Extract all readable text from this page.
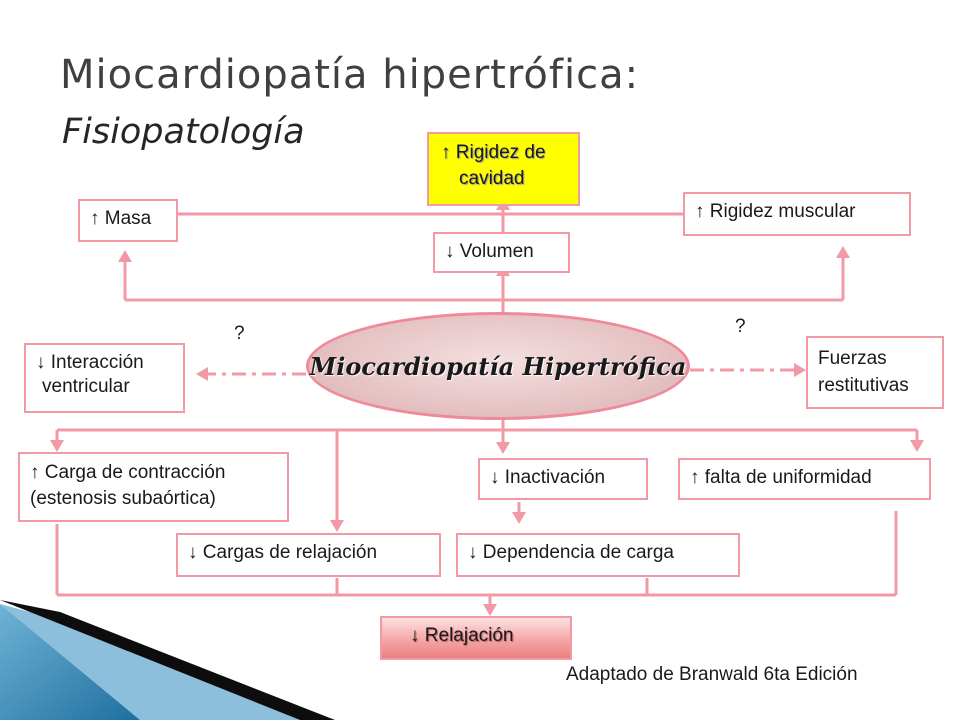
Miocardiopatía hipertrófica:
Fisiopatología
↑ Rigidez de
cavidad
↑ Masa	↑ Rigidez muscular
↓ Volumen
↓ Interacción
ventricular
Fuerzas
restitutivas
Miocardiopatía Hipertrófica
?	?
↑ Carga de contracción
(estenosis subaórtica)
↓ Inactivación	↑ falta de uniformidad
↓ Cargas de relajación	↓ Dependencia de carga
↓ Relajación
Adaptado de Branwald 6ta Edición
